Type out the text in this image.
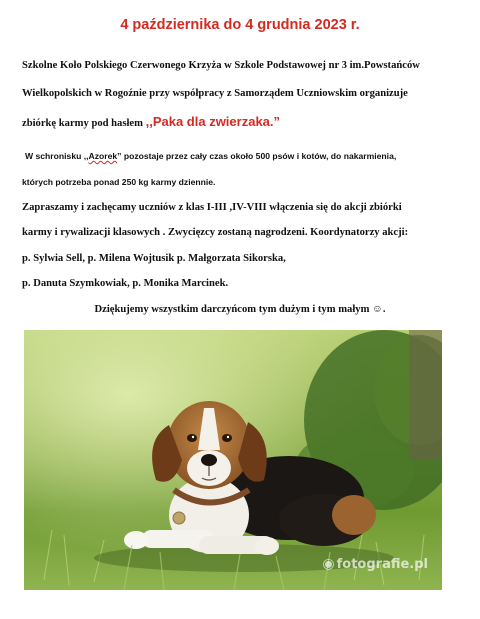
4 października do 4 grudnia 2023 r.
Szkolne Koło Polskiego Czerwonego Krzyża w Szkole Podstawowej nr 3 im.Powstańców
Wielkopolskich w Rogoźnie przy współpracy z Samorządem Uczniowskim organizuje
zbiórkę karmy pod hasłem ,,Paka dla zwierzaka.”
W schronisku ,,Azorek” pozostaje przez cały czas około 500 psów i kotów, do nakarmienia,
których potrzeba ponad 250 kg karmy dziennie.
Zapraszamy i zachęcamy uczniów z klas I-III ,IV-VIII włączenia się do akcji zbiórki
karmy i rywalizacji klasowych . Zwycięzcy zostaną nagrodzeni. Koordynatorzy akcji:
p. Sylwia Sell, p. Milena Wojtusik p. Małgorzata Sikorska,
p. Danuta Szymkowiak, p. Monika Marcinek.
Dziękujemy wszystkim darczyńcom tym dużym i tym małym ☺.
◉ fotografie.pl
